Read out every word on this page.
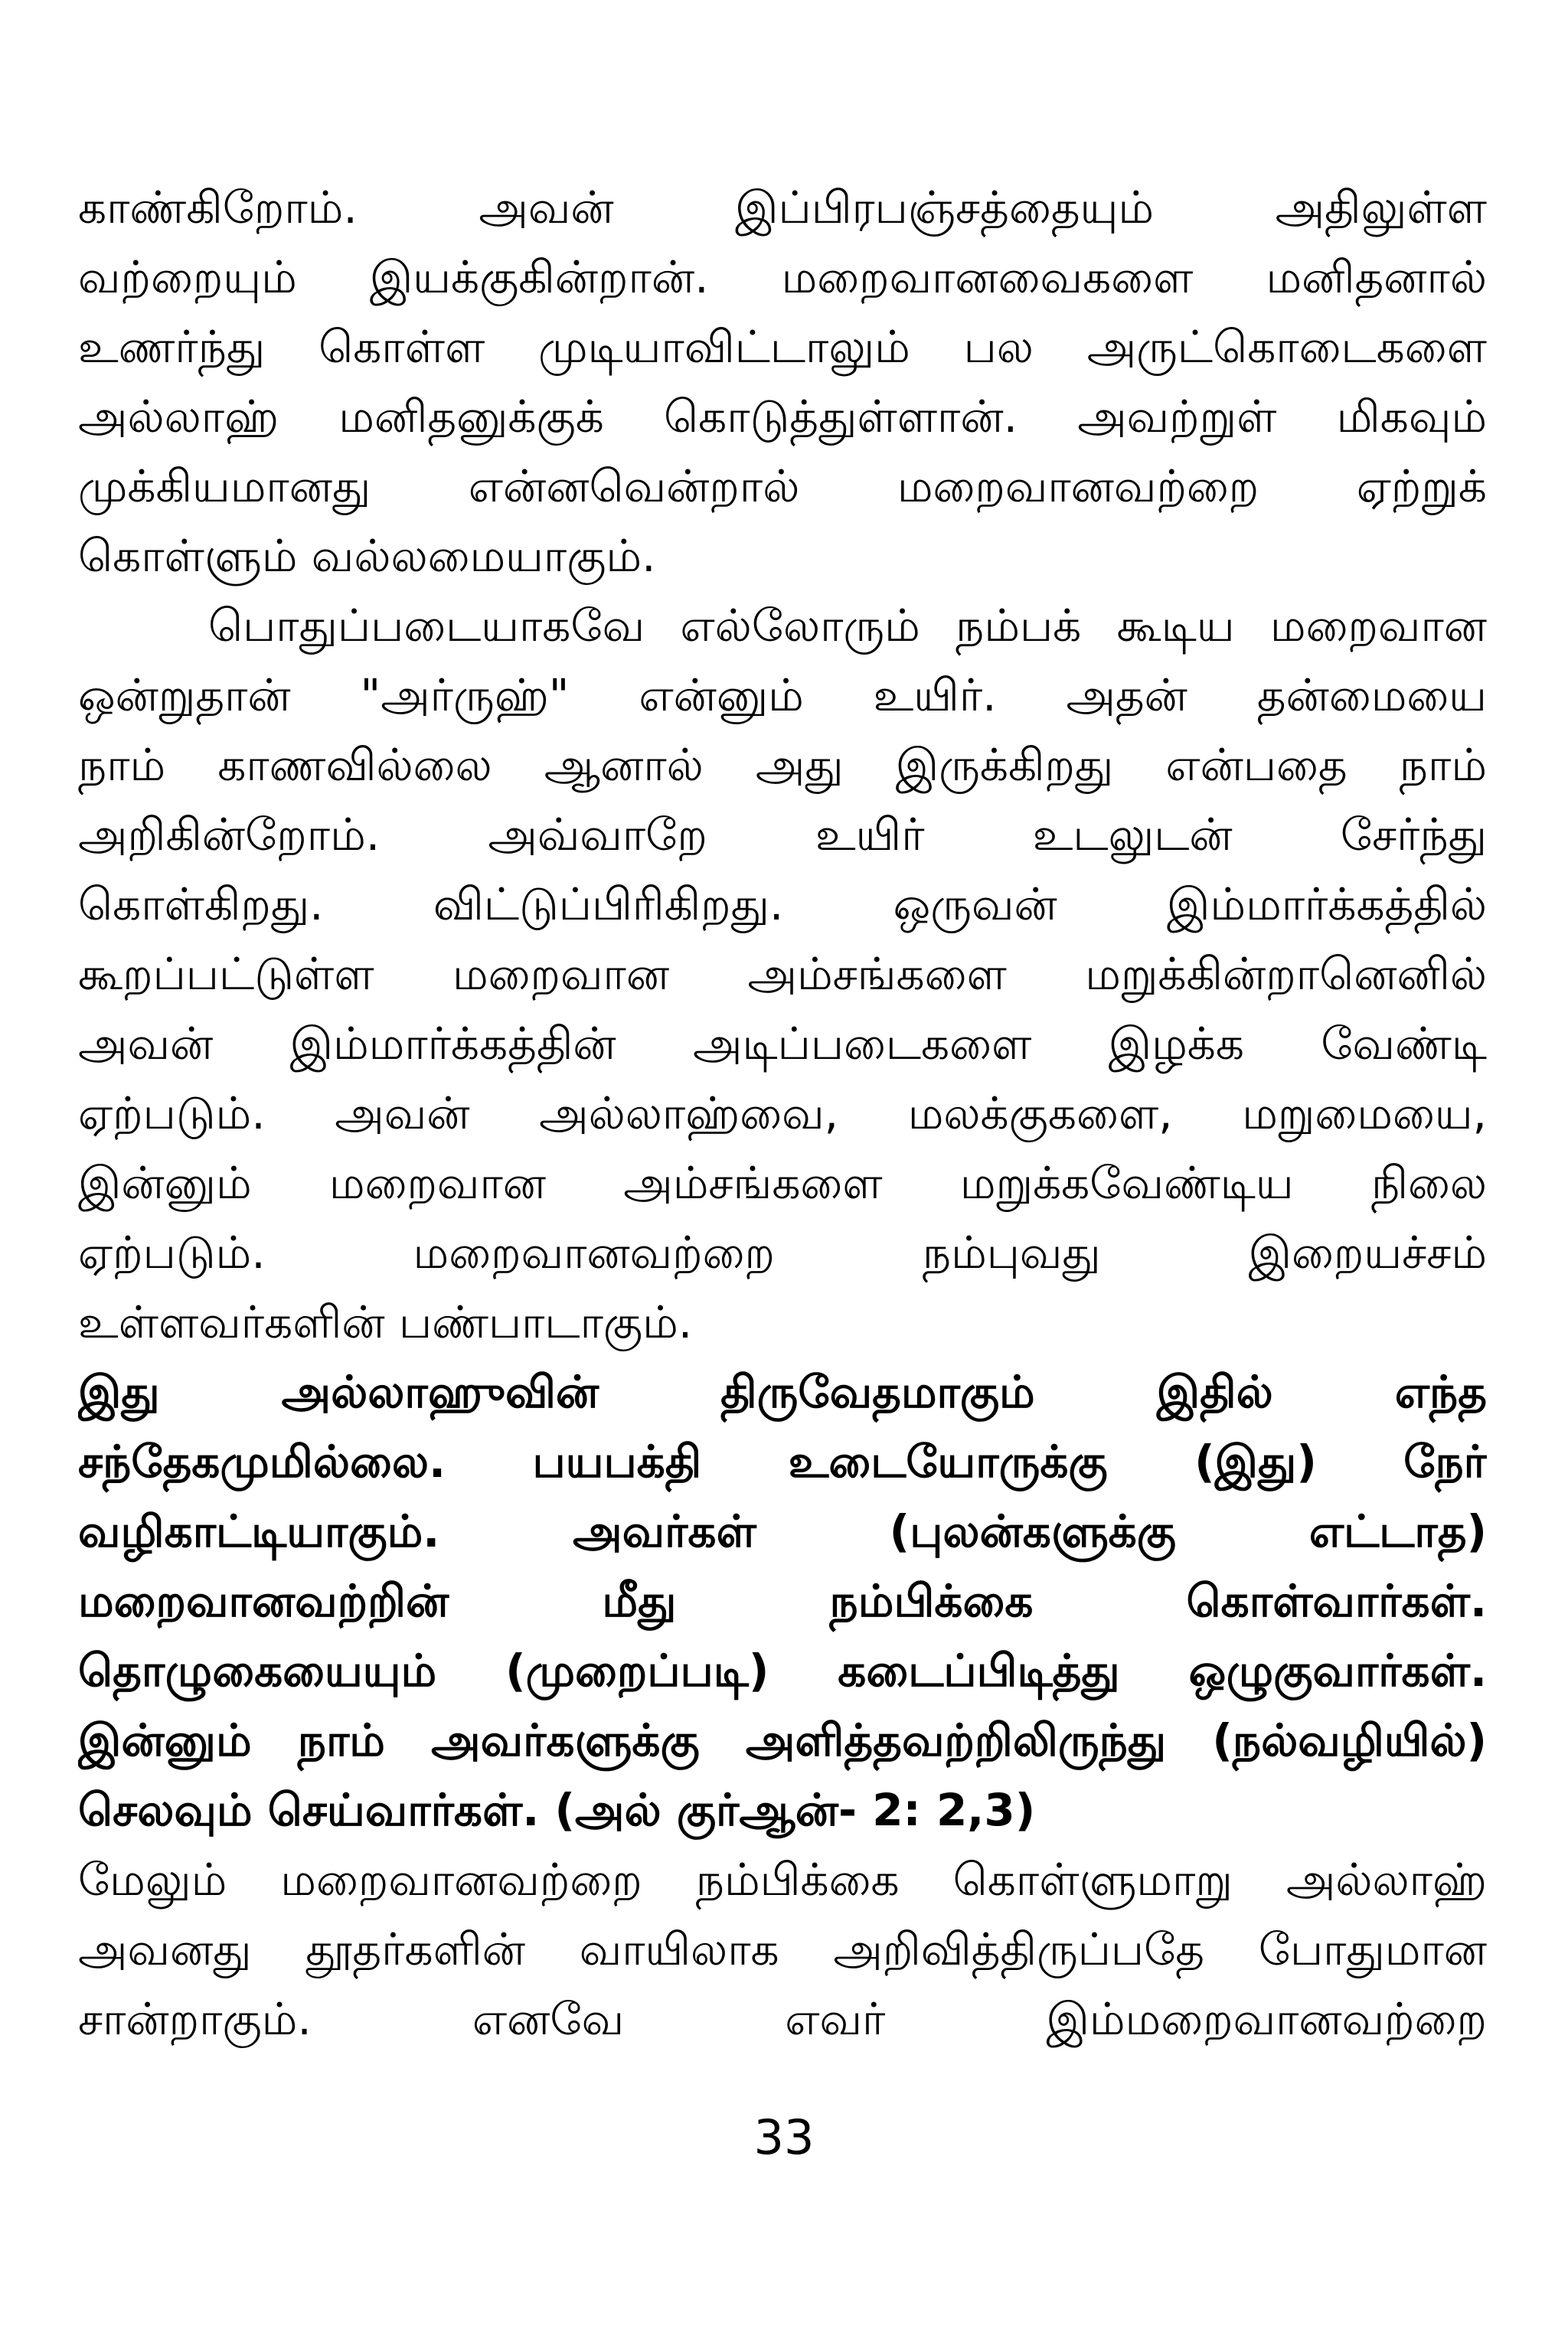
காண்கிறோம். அவன் இப்பிரபஞ்சத்தையும் அதிலுள்ள
வற்றையும் இயக்குகின்றான். மறைவானவைகளை மனிதனால்
உணர்ந்து கொள்ள முடியாவிட்டாலும் பல அருட்கொடைகளை
அல்லாஹ் மனிதனுக்குக் கொடுத்துள்ளான். அவற்றுள் மிகவும்
முக்கியமானது என்னவென்றால் மறைவானவற்றை ஏற்றுக்
கொள்ளும் வல்லமையாகும்.

பொதுப்படையாகவே எல்லோரும் நம்பக் கூடிய மறைவான
ஒன்றுதான் "அர்ருஹ்" என்னும் உயிர். அதன் தன்மையை
நாம் காணவில்லை ஆனால் அது இருக்கிறது என்பதை நாம்
அறிகின்றோம். அவ்வாறே உயிர் உடலுடன் சேர்ந்து
கொள்கிறது. விட்டுப்பிரிகிறது. ஒருவன் இம்மார்க்கத்தில்
கூறப்பட்டுள்ள மறைவான அம்சங்களை மறுக்கின்றானெனில்
அவன் இம்மார்க்கத்தின் அடிப்படைகளை இழக்க வேண்டி
ஏற்படும். அவன் அல்லாஹ்வை, மலக்குகளை, மறுமையை,
இன்னும் மறைவான அம்சங்களை மறுக்கவேண்டிய நிலை
ஏற்படும். மறைவானவற்றை நம்புவது இறையச்சம்
உள்ளவர்களின் பண்பாடாகும்.

இது அல்லாஹுவின் திருவேதமாகும் இதில் எந்த
சந்தேகமுமில்லை. பயபக்தி உடையோருக்கு (இது) நேர்
வழிகாட்டியாகும். அவர்கள் (புலன்களுக்கு எட்டாத)
மறைவானவற்றின் மீது நம்பிக்கை கொள்வார்கள்.
தொழுகையையும் (முறைப்படி) கடைப்பிடித்து ஒழுகுவார்கள்.
இன்னும் நாம் அவர்களுக்கு அளித்தவற்றிலிருந்து (நல்வழியில்)
செலவும் செய்வார்கள். (அல் குர்ஆன்- 2: 2,3)

மேலும் மறைவானவற்றை நம்பிக்கை கொள்ளுமாறு அல்லாஹ்
அவனது தூதர்களின் வாயிலாக அறிவித்திருப்பதே போதுமான
சான்றாகும். எனவே எவர் இம்மறைவானவற்றை

33
